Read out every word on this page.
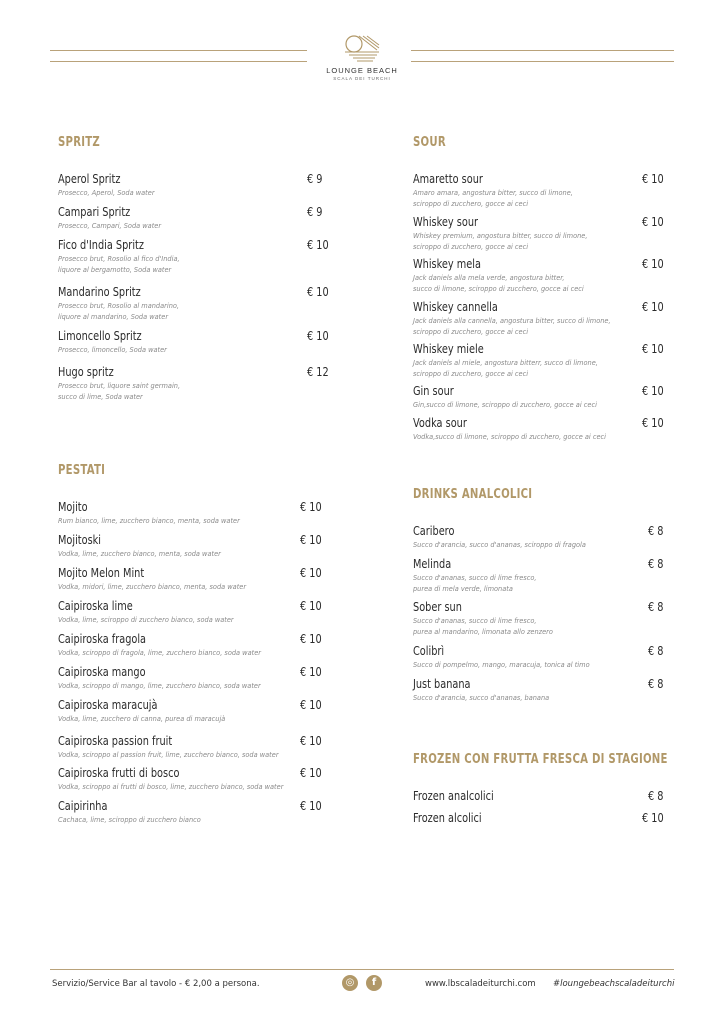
LOUNGE BEACH
SCALA DEI TURCHI
SPRITZ
Aperol Spritz
Prosecco, Aperol, Soda water
€ 9
Campari Spritz
Prosecco, Campari, Soda water
€ 9
Fico d'India Spritz
Prosecco brut, Rosolio al fico d'India,
liquore al bergamotto, Soda water
€ 10
Mandarino Spritz
Prosecco brut, Rosolio al mandarino,
liquore al mandarino, Soda water
€ 10
Limoncello Spritz
Prosecco, limoncello, Soda water
€ 10
Hugo spritz
Prosecco brut, liquore saint germain,
succo di lime, Soda water
€ 12
PESTATI
Mojito
Rum bianco, lime, zucchero bianco, menta, soda water
€ 10
Mojitoski
Vodka, lime, zucchero bianco, menta, soda water
€ 10
Mojito Melon Mint
Vodka, midori, lime, zucchero bianco, menta, soda water
€ 10
Caipiroska lime
Vodka, lime, sciroppo di zucchero bianco, soda water
€ 10
Caipiroska fragola
Vodka, sciroppo di fragola, lime, zucchero bianco, soda water
€ 10
Caipiroska mango
Vodka, sciroppo di mango, lime, zucchero bianco, soda water
€ 10
Caipiroska maracujà
Vodka, lime, zucchero di canna, purea di maracujà
€ 10
Caipiroska passion fruit
Vodka, sciroppo al passion fruit, lime, zucchero bianco, soda water
€ 10
Caipiroska frutti di bosco
Vodka, sciroppo ai frutti di bosco, lime, zucchero bianco, soda water
€ 10
Caipirinha
Cachaca, lime, sciroppo di zucchero bianco
€ 10
SOUR
Amaretto sour
Amaro amara, angostura bitter, succo di limone,
sciroppo di zucchero, gocce ai ceci
€ 10
Whiskey sour
Whiskey premium, angostura bitter, succo di limone,
sciroppo di zucchero, gocce ai ceci
€ 10
Whiskey mela
Jack daniels alla mela verde, angostura bitter,
succo di limone, sciroppo di zucchero, gocce ai ceci
€ 10
Whiskey cannella
Jack daniels alla cannella, angostura bitter, succo di limone,
sciroppo di zucchero, gocce ai ceci
€ 10
Whiskey miele
Jack daniels al miele, angostura bitterr, succo di limone,
sciroppo di zucchero, gocce ai ceci
€ 10
Gin sour
Gin,succo di limone, sciroppo di zucchero, gocce ai ceci
€ 10
Vodka sour
Vodka,succo di limone, sciroppo di zucchero, gocce ai ceci
€ 10
DRINKS ANALCOLICI
Caribero
Succo d'arancia, succo d'ananas, sciroppo di fragola
€ 8
Melinda
Succo d'ananas, succo di lime fresco,
purea di mela verde, limonata
€ 8
Sober sun
Succo d'ananas, succo di lime fresco,
purea al mandarino, limonata allo zenzero
€ 8
Colibrì
Succo di pompelmo, mango, maracuja, tonica al timo
€ 8
Just banana
Succo d'arancia, succo d'ananas, banana
€ 8
FROZEN CON FRUTTA FRESCA DI STAGIONE
Frozen analcolici	€ 8
Frozen alcolici	€ 10
Servizio/Service Bar al tavolo - € 2,00 a persona.	◎	f	www.lbscaladeiturchi.com #loungebeachscaladeiturchi
